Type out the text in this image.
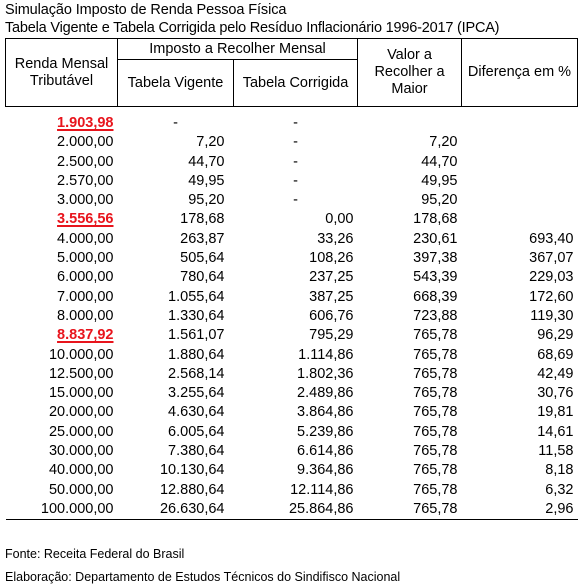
Simulação Imposto de Renda Pessoa Física
Tabela Vigente e Tabela Corrigida pelo Resíduo Inflacionário 1996-2017 (IPCA)
Renda Mensal Tributável	Imposto a Recolher Mensal		Valor a Recolher a Maior	Diferença em %
	Tabela Vigente	Tabela Corrigida		

1.903,98	-	-		
2.000,00	7,20	-	7,20	
2.500,00	44,70	-	44,70	
2.570,00	49,95	-	49,95	
3.000,00	95,20	-	95,20	
3.556,56	178,68	0,00	178,68	
4.000,00	263,87	33,26	230,61	693,40
5.000,00	505,64	108,26	397,38	367,07
6.000,00	780,64	237,25	543,39	229,03
7.000,00	1.055,64	387,25	668,39	172,60
8.000,00	1.330,64	606,76	723,88	119,30
8.837,92	1.561,07	795,29	765,78	96,29
10.000,00	1.880,64	1.114,86	765,78	68,69
12.500,00	2.568,14	1.802,36	765,78	42,49
15.000,00	3.255,64	2.489,86	765,78	30,76
20.000,00	4.630,64	3.864,86	765,78	19,81
25.000,00	6.005,64	5.239,86	765,78	14,61
30.000,00	7.380,64	6.614,86	765,78	11,58
40.000,00	10.130,64	9.364,86	765,78	8,18
50.000,00	12.880,64	12.114,86	765,78	6,32
100.000,00	26.630,64	25.864,86	765,78	2,96
Fonte: Receita Federal do Brasil
Elaboração: Departamento de Estudos Técnicos do Sindifisco Nacional
